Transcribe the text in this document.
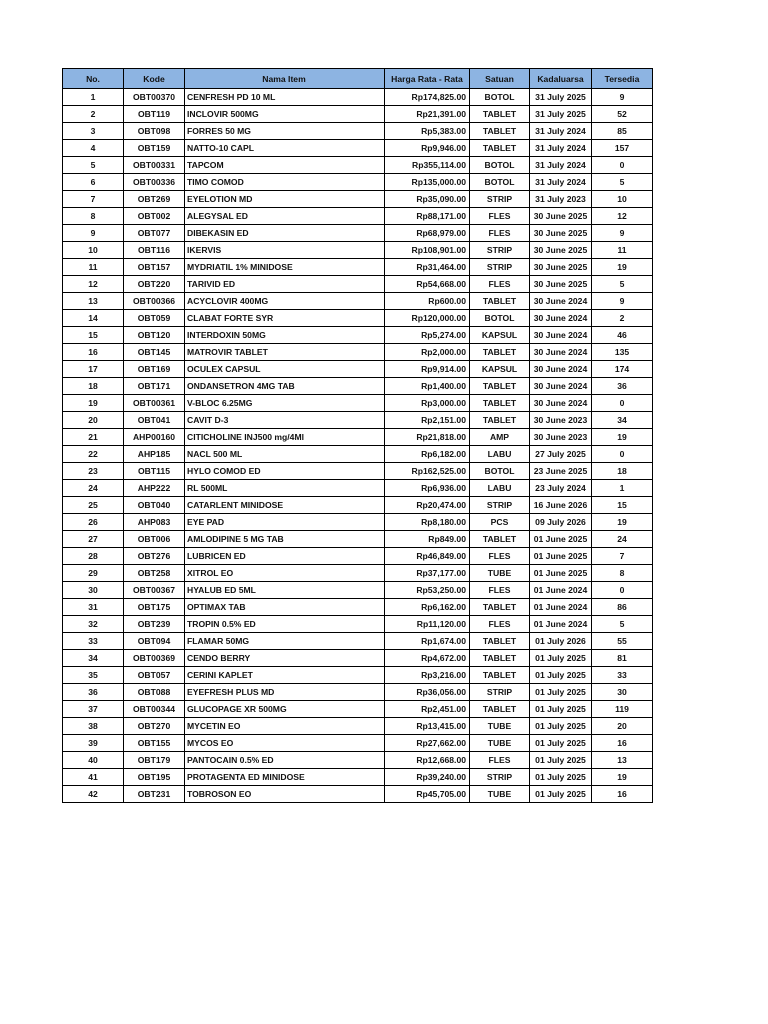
No.	Kode	Nama Item	Harga Rata - Rata	Satuan	Kadaluarsa	Tersedia
1	OBT00370	CENFRESH PD 10 ML	Rp174,825.00	BOTOL	31 July 2025	9
2	OBT119	INCLOVIR 500MG	Rp21,391.00	TABLET	31 July 2025	52
3	OBT098	FORRES 50 MG	Rp5,383.00	TABLET	31 July 2024	85
4	OBT159	NATTO-10 CAPL	Rp9,946.00	TABLET	31 July 2024	157
5	OBT00331	TAPCOM	Rp355,114.00	BOTOL	31 July 2024	0
6	OBT00336	TIMO COMOD	Rp135,000.00	BOTOL	31 July 2024	5
7	OBT269	EYELOTION MD	Rp35,090.00	STRIP	31 July 2023	10
8	OBT002	ALEGYSAL ED	Rp88,171.00	FLES	30 June 2025	12
9	OBT077	DIBEKASIN ED	Rp68,979.00	FLES	30 June 2025	9
10	OBT116	IKERVIS	Rp108,901.00	STRIP	30 June 2025	11
11	OBT157	MYDRIATIL 1% MINIDOSE	Rp31,464.00	STRIP	30 June 2025	19
12	OBT220	TARIVID ED	Rp54,668.00	FLES	30 June 2025	5
13	OBT00366	ACYCLOVIR 400MG	Rp600.00	TABLET	30 June 2024	9
14	OBT059	CLABAT FORTE SYR	Rp120,000.00	BOTOL	30 June 2024	2
15	OBT120	INTERDOXIN 50MG	Rp5,274.00	KAPSUL	30 June 2024	46
16	OBT145	MATROVIR TABLET	Rp2,000.00	TABLET	30 June 2024	135
17	OBT169	OCULEX CAPSUL	Rp9,914.00	KAPSUL	30 June 2024	174
18	OBT171	ONDANSETRON 4MG TAB	Rp1,400.00	TABLET	30 June 2024	36
19	OBT00361	V-BLOC 6.25MG	Rp3,000.00	TABLET	30 June 2024	0
20	OBT041	CAVIT D-3	Rp2,151.00	TABLET	30 June 2023	34
21	AHP00160	CITICHOLINE INJ500 mg/4Ml	Rp21,818.00	AMP	30 June 2023	19
22	AHP185	NACL 500 ML	Rp6,182.00	LABU	27 July 2025	0
23	OBT115	HYLO COMOD ED	Rp162,525.00	BOTOL	23 June 2025	18
24	AHP222	RL 500ML	Rp6,936.00	LABU	23 July 2024	1
25	OBT040	CATARLENT MINIDOSE	Rp20,474.00	STRIP	16 June 2026	15
26	AHP083	EYE PAD	Rp8,180.00	PCS	09 July 2026	19
27	OBT006	AMLODIPINE 5 MG TAB	Rp849.00	TABLET	01 June 2025	24
28	OBT276	LUBRICEN ED	Rp46,849.00	FLES	01 June 2025	7
29	OBT258	XITROL EO	Rp37,177.00	TUBE	01 June 2025	8
30	OBT00367	HYALUB ED 5ML	Rp53,250.00	FLES	01 June 2024	0
31	OBT175	OPTIMAX TAB	Rp6,162.00	TABLET	01 June 2024	86
32	OBT239	TROPIN 0.5% ED	Rp11,120.00	FLES	01 June 2024	5
33	OBT094	FLAMAR 50MG	Rp1,674.00	TABLET	01 July 2026	55
34	OBT00369	CENDO BERRY	Rp4,672.00	TABLET	01 July 2025	81
35	OBT057	CERINI KAPLET	Rp3,216.00	TABLET	01 July 2025	33
36	OBT088	EYEFRESH PLUS MD	Rp36,056.00	STRIP	01 July 2025	30
37	OBT00344	GLUCOPAGE XR 500MG	Rp2,451.00	TABLET	01 July 2025	119
38	OBT270	MYCETIN EO	Rp13,415.00	TUBE	01 July 2025	20
39	OBT155	MYCOS EO	Rp27,662.00	TUBE	01 July 2025	16
40	OBT179	PANTOCAIN 0.5% ED	Rp12,668.00	FLES	01 July 2025	13
41	OBT195	PROTAGENTA ED MINIDOSE	Rp39,240.00	STRIP	01 July 2025	19
42	OBT231	TOBROSON EO	Rp45,705.00	TUBE	01 July 2025	16
